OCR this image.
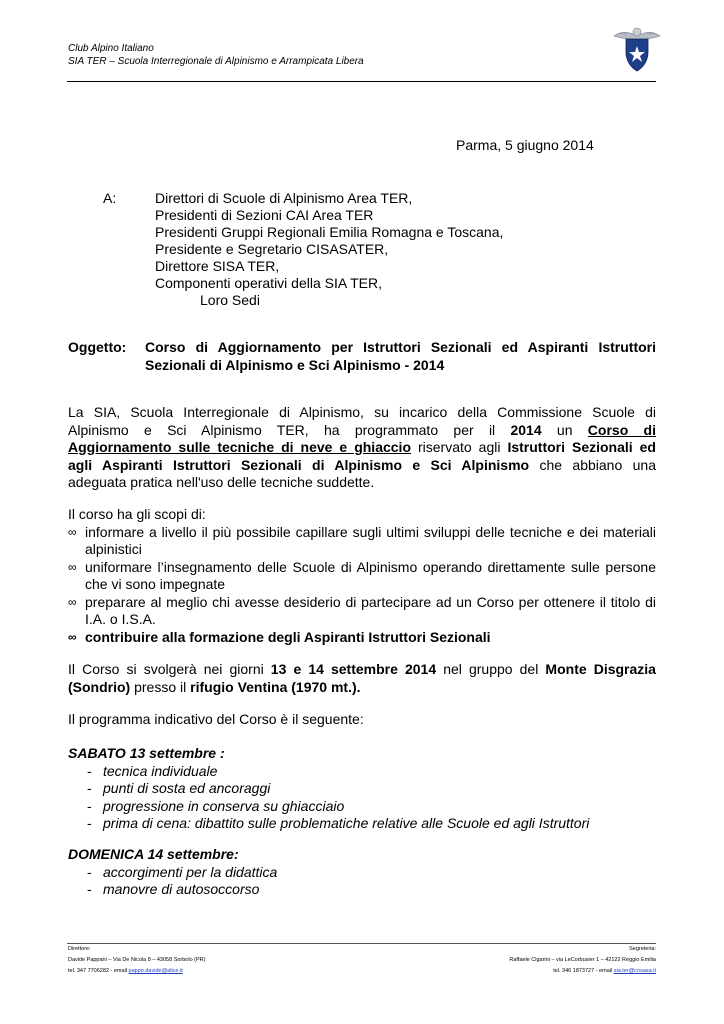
Club Alpino Italiano
SIA TER – Scuola Interregionale di Alpinismo e Arrampicata Libera
Parma, 5 giugno 2014
A:	Direttori di Scuole di Alpinismo Area TER,
Presidenti di Sezioni CAI Area TER
Presidenti Gruppi Regionali Emilia Romagna e Toscana,
Presidente e Segretario CISASATER,
Direttore SISA TER,
Componenti operativi della SIA TER,
Loro Sedi
Oggetto: Corso di Aggiornamento per Istruttori Sezionali ed Aspiranti Istruttori
Sezionali di Alpinismo e Sci Alpinismo - 2014
La SIA, Scuola Interregionale di Alpinismo, su incarico della Commissione Scuole di
Alpinismo e Sci Alpinismo TER, ha programmato per il 2014 un Corso di
Aggiornamento sulle tecniche di neve e ghiaccio riservato agli Istruttori Sezionali ed
agli Aspiranti Istruttori Sezionali di Alpinismo e Sci Alpinismo che abbiano una
adeguata pratica nell'uso delle tecniche suddette.
Il corso ha gli scopi di:
∞ informare a livello il più possibile capillare sugli ultimi sviluppi delle tecniche e dei materiali alpinistici
∞ uniformare l’insegnamento delle Scuole di Alpinismo operando direttamente sulle persone che vi sono impegnate
∞ preparare al meglio chi avesse desiderio di partecipare ad un Corso per ottenere il titolo di I.A. o I.S.A.
∞ contribuire alla formazione degli Aspiranti Istruttori Sezionali
Il Corso si svolgerà nei giorni 13 e 14 settembre 2014 nel gruppo del Monte Disgrazia
(Sondrio) presso il rifugio Ventina (1970 mt.).
Il programma indicativo del Corso è il seguente:
SABATO 13 settembre :
- tecnica individuale
- punti di sosta ed ancoraggi
- progressione in conserva su ghiacciaio
- prima di cena: dibattito sulle problematiche relative alle Scuole ed agli Istruttori
DOMENICA 14 settembre:
- accorgimenti per la didattica
- manovre di autosoccorso
Direttore:
Davide Pappani – Via De Nicola 8 – 43058 Sorbolo (PR)
tel. 347 7706282 - email pappo.davide@alice.it
Segreteria:
Raffaele Cigarini – via LeCorbusier 1 – 42122 Reggio Emilia
tel. 346 1873727 - email sia.ter@cnsasa.it
